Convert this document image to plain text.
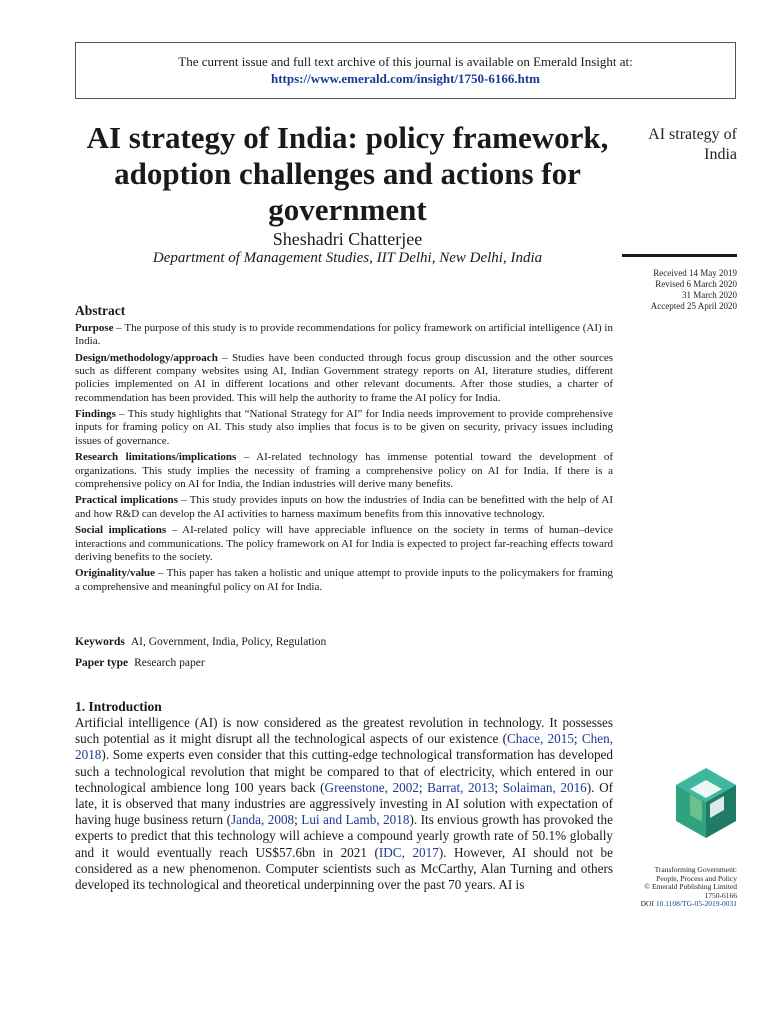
The current issue and full text archive of this journal is available on Emerald Insight at:
https://www.emerald.com/insight/1750-6166.htm
AI strategy of India: policy framework, adoption challenges and actions for government
Sheshadri Chatterjee
Department of Management Studies, IIT Delhi, New Delhi, India
AI strategy of
India
Received 14 May 2019
Revised 6 March 2020
31 March 2020
Accepted 25 April 2020
Abstract

Purpose – The purpose of this study is to provide recommendations for policy framework on artificial intelligence (AI) in India.

Design/methodology/approach – Studies have been conducted through focus group discussion and the other sources such as different company websites using AI, Indian Government strategy reports on AI, literature studies, different policies implemented on AI in different locations and other relevant documents. After those studies, a charter of recommendation has been provided. This will help the authority to frame the AI policy for India.

Findings – This study highlights that “National Strategy for AI” for India needs improvement to provide comprehensive inputs for framing policy on AI. This study also implies that focus is to be given on security, privacy issues including issues of governance.

Research limitations/implications – AI-related technology has immense potential toward the development of organizations. This study implies the necessity of framing a comprehensive policy on AI for India. If there is a comprehensive policy on AI for India, the Indian industries will derive many benefits.

Practical implications – This study provides inputs on how the industries of India can be benefitted with the help of AI and how R&D can develop the AI activities to harness maximum benefits from this innovative technology.

Social implications – AI-related policy will have appreciable influence on the society in terms of human–device interactions and communications. The policy framework on AI for India is expected to project far-reaching effects toward deriving benefits to the society.

Originality/value – This paper has taken a holistic and unique attempt to provide inputs to the policymakers for framing a comprehensive and meaningful policy on AI for India.

Keywords AI, Government, India, Policy, Regulation
Paper type Research paper
1. Introduction

Artificial intelligence (AI) is now considered as the greatest revolution in technology. It possesses such potential as it might disrupt all the technological aspects of our existence (Chace, 2015; Chen, 2018). Some experts even consider that this cutting-edge technological transformation has developed such a technological revolution that might be compared to that of electricity, which entered in our technological ambience long 100 years back (Greenstone, 2002; Barrat, 2013; Solaiman, 2016). Of late, it is observed that many industries are aggressively investing in AI solution with expectation of having huge business return (Janda, 2008; Lui and Lamb, 2018). Its envious growth has provoked the experts to predict that this technology will achieve a compound yearly growth rate of 50.1% globally and it would eventually reach US$57.6bn in 2021 (IDC, 2017). However, AI should not be considered as a new phenomenon. Computer scientists such as McCarthy, Alan Turning and others developed its technological and theoretical underpinning over the past 70 years. AI is

Transforming Government:
People, Process and Policy
© Emerald Publishing Limited
1750-6166
DOI 10.1108/TG-05-2019-0031
